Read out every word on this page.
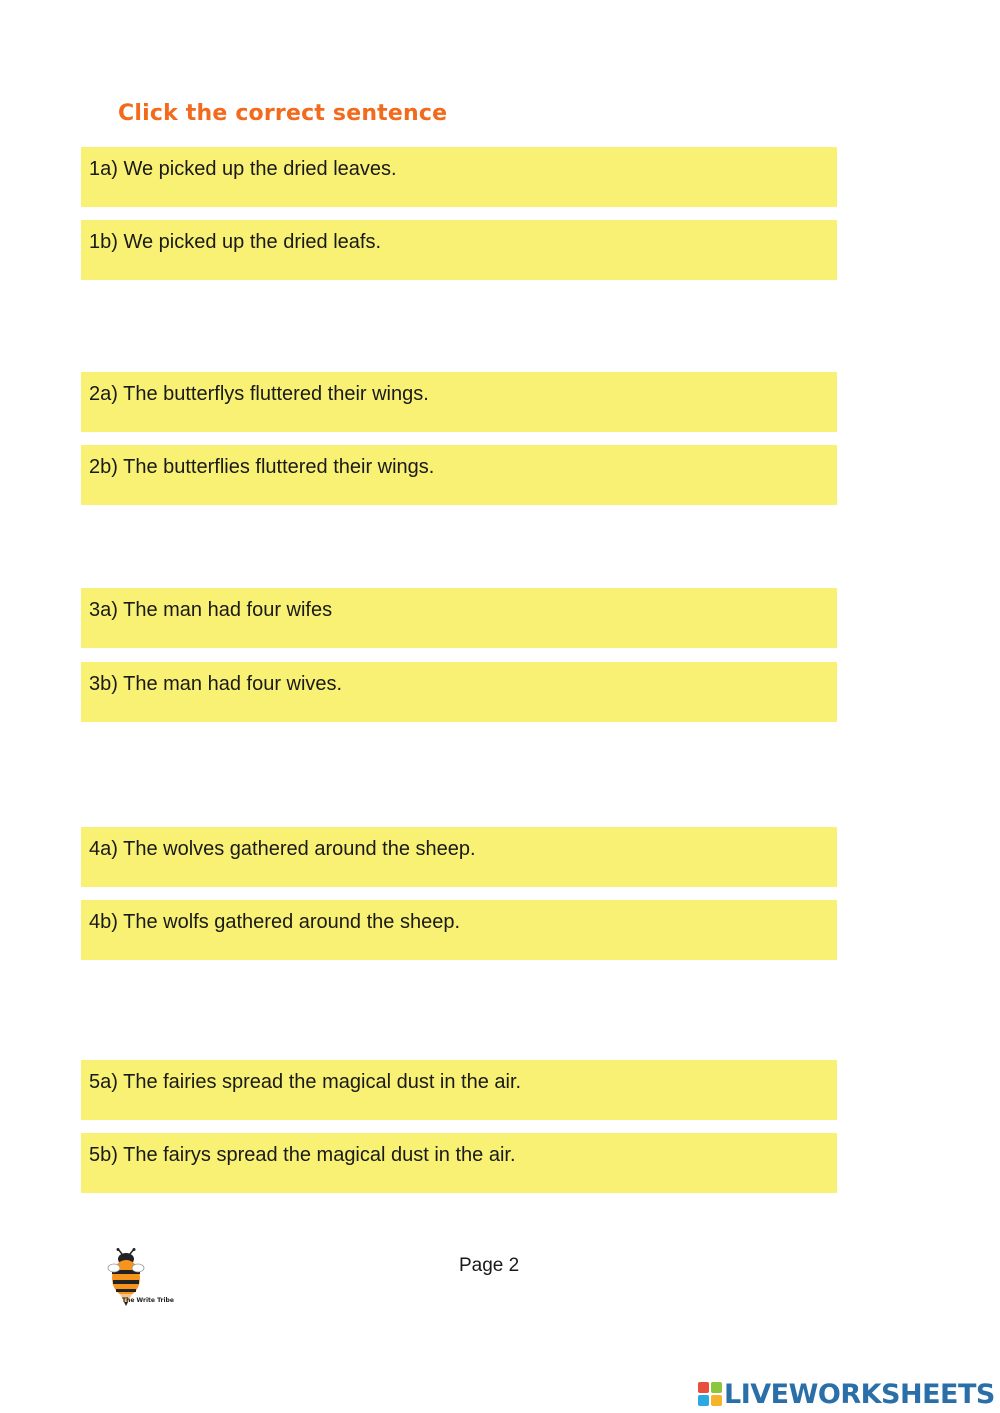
Click the correct sentence
1a) We picked up the dried leaves.
1b) We picked up the dried leafs.
2a) The butterflys fluttered their wings.
2b) The butterflies fluttered their wings.
3a) The man had four wifes
3b) The man had four wives.
4a) The wolves gathered around the sheep.
4b) The wolfs gathered around the sheep.
5a) The fairies spread the magical dust in the air.
5b) The fairys spread the magical dust in the air.
The Write Tribe
Page 2
LIVEWORKSHEETS
